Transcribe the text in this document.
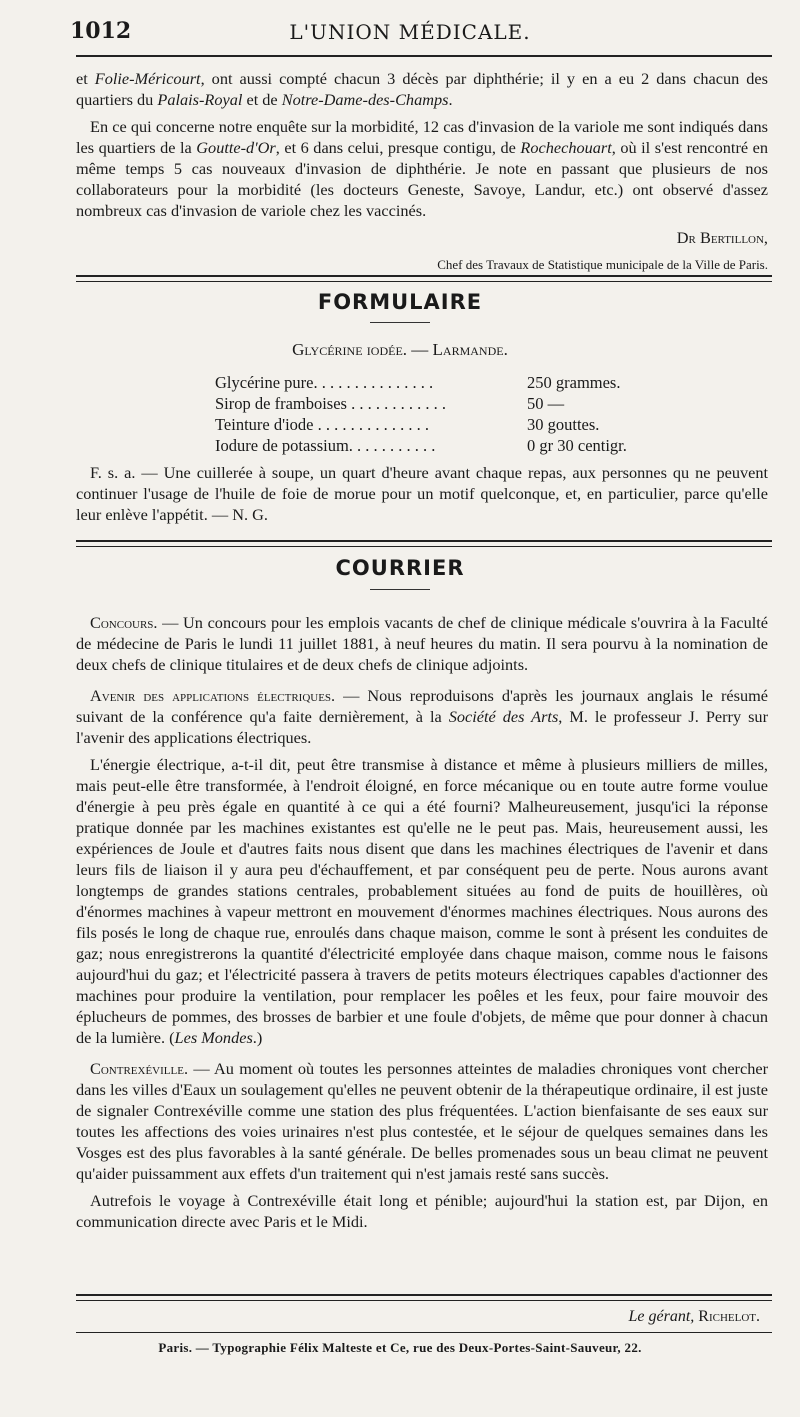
1012	L'UNION MÉDICALE.

et Folie-Méricourt, ont aussi compté chacun 3 décès par diphthérie; il y en a eu 2 dans chacun des quartiers du Palais-Royal et de Notre-Dame-des-Champs.

En ce qui concerne notre enquête sur la morbidité, 12 cas d'invasion de la variole me sont indiqués dans les quartiers de la Goutte-d'Or, et 6 dans celui, presque contigu, de Rochechouart, où il s'est rencontré en même temps 5 cas nouveaux d'invasion de diphthérie. Je note en passant que plusieurs de nos collaborateurs pour la morbidité (les docteurs Geneste, Savoye, Landur, etc.) ont observé d'assez nombreux cas d'invasion de variole chez les vaccinés.

Dr Bertillon,

Chef des Travaux de Statistique municipale de la Ville de Paris.

FORMULAIRE
Glycérine iodée. — Larmande.
Glycérine pure. . . . . . . . . . . . . . .	250 grammes.
Sirop de framboises . . . . . . . . . . . .	50 —
Teinture d'iode . . . . . . . . . . . . . .	30 gouttes.
Iodure de potassium. . . . . . . . . . .	0 gr 30 centigr.

F. s. a. — Une cuillerée à soupe, un quart d'heure avant chaque repas, aux personnes qu ne peuvent continuer l'usage de l'huile de foie de morue pour un motif quelconque, et, en particulier, parce qu'elle leur enlève l'appétit. — N. G.

COURRIER

Concours. — Un concours pour les emplois vacants de chef de clinique médicale s'ouvrira à la Faculté de médecine de Paris le lundi 11 juillet 1881, à neuf heures du matin. Il sera pourvu à la nomination de deux chefs de clinique titulaires et de deux chefs de clinique adjoints.

Avenir des applications électriques. — Nous reproduisons d'après les journaux anglais le résumé suivant de la conférence qu'a faite dernièrement, à la Société des Arts, M. le professeur J. Perry sur l'avenir des applications électriques.

L'énergie électrique, a-t-il dit, peut être transmise à distance et même à plusieurs milliers de milles, mais peut-elle être transformée, à l'endroit éloigné, en force mécanique ou en toute autre forme voulue d'énergie à peu près égale en quantité à ce qui a été fourni? Malheureusement, jusqu'ici la réponse pratique donnée par les machines existantes est qu'elle ne le peut pas. Mais, heureusement aussi, les expériences de Joule et d'autres faits nous disent que dans les machines électriques de l'avenir et dans leurs fils de liaison il y aura peu d'échauffement, et par conséquent peu de perte. Nous aurons avant longtemps de grandes stations centrales, probablement situées au fond de puits de houillères, où d'énormes machines à vapeur mettront en mouvement d'énormes machines électriques. Nous aurons des fils posés le long de chaque rue, enroulés dans chaque maison, comme le sont à présent les conduites de gaz; nous enregistrerons la quantité d'électricité employée dans chaque maison, comme nous le faisons aujourd'hui du gaz; et l'électricité passera à travers de petits moteurs électriques capables d'actionner des machines pour produire la ventilation, pour remplacer les poêles et les feux, pour faire mouvoir des éplucheurs de pommes, des brosses de barbier et une foule d'objets, de même que pour donner à chacun de la lumière. (Les Mondes.)

Contrexéville. — Au moment où toutes les personnes atteintes de maladies chroniques vont chercher dans les villes d'Eaux un soulagement qu'elles ne peuvent obtenir de la thérapeutique ordinaire, il est juste de signaler Contrexéville comme une station des plus fréquentées. L'action bienfaisante de ses eaux sur toutes les affections des voies urinaires n'est plus contestée, et le séjour de quelques semaines dans les Vosges est des plus favorables à la santé générale. De belles promenades sous un beau climat ne peuvent qu'aider puissamment aux effets d'un traitement qui n'est jamais resté sans succès.

Autrefois le voyage à Contrexéville était long et pénible; aujourd'hui la station est, par Dijon, en communication directe avec Paris et le Midi.

Le gérant, Richelot.
Paris. — Typographie Félix Malteste et Ce, rue des Deux-Portes-Saint-Sauveur, 22.
